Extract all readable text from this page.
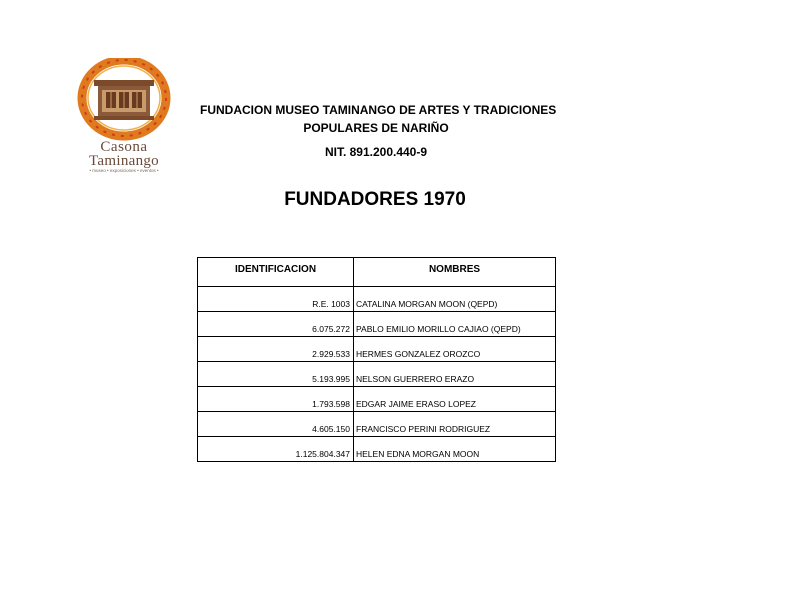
Casona
Taminango
• museo • exposiciones • eventos •
FUNDACION MUSEO TAMINANGO DE ARTES Y TRADICIONES
POPULARES DE NARIÑO
NIT. 891.200.440-9
FUNDADORES 1970
IDENTIFICACION	NOMBRES
R.E. 1003	CATALINA MORGAN MOON (QEPD)
6.075.272	PABLO EMILIO MORILLO CAJIAO (QEPD)
2.929.533	HERMES GONZALEZ OROZCO
5.193.995	NELSON GUERRERO ERAZO
1.793.598	EDGAR JAIME ERASO LOPEZ
4.605.150	FRANCISCO PERINI RODRIGUEZ
1.125.804.347	HELEN EDNA MORGAN MOON
